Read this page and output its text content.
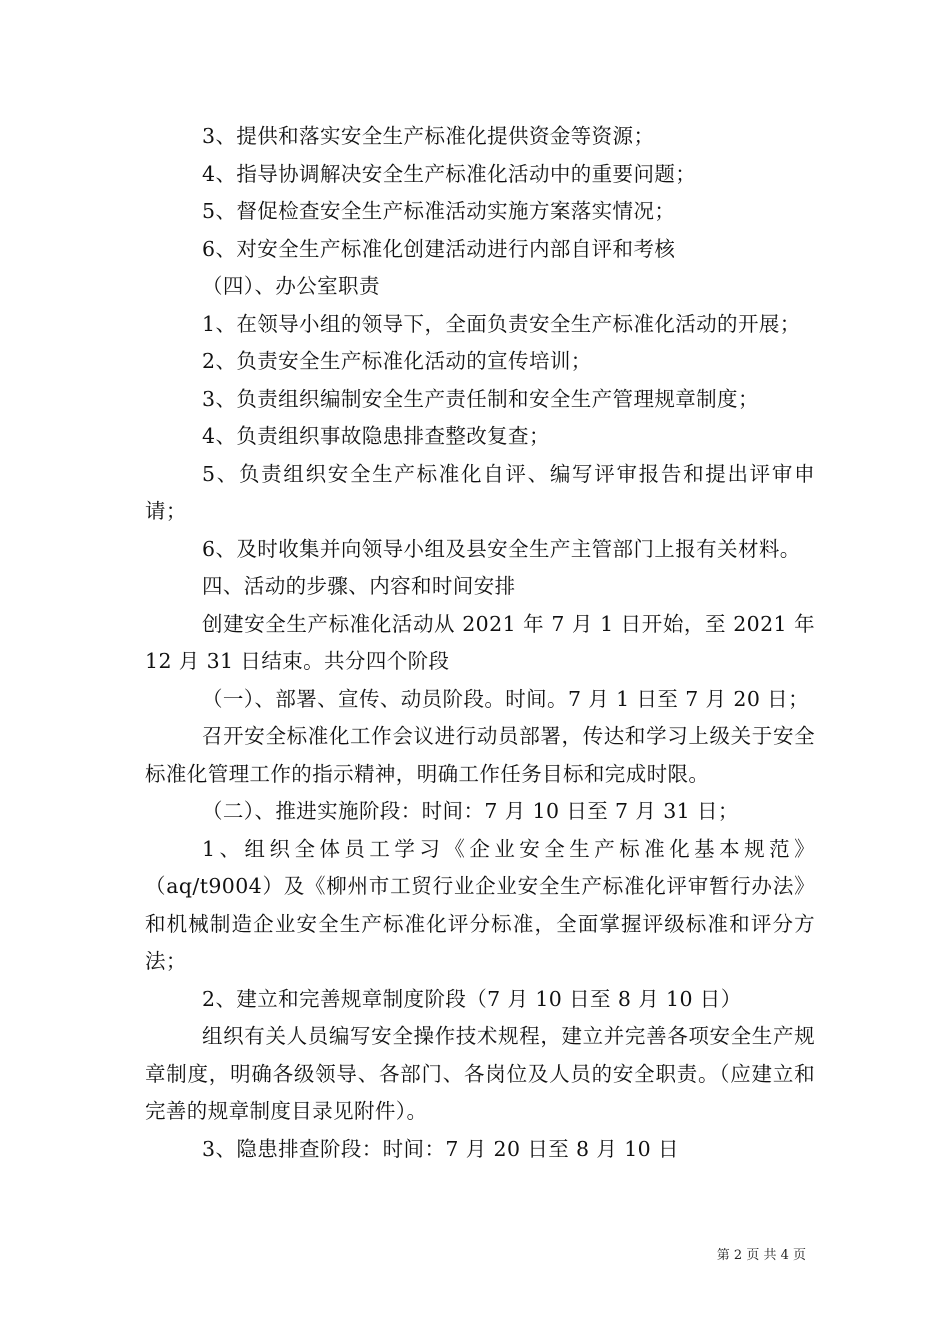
3、提供和落实安全生产标准化提供资金等资源；

4、指导协调解决安全生产标准化活动中的重要问题；

5、督促检查安全生产标准活动实施方案落实情况；

6、对安全生产标准化创建活动进行内部自评和考核

（四）、办公室职责

1、在领导小组的领导下，全面负责安全生产标准化活动的开展；

2、负责安全生产标准化活动的宣传培训；

3、负责组织编制安全生产责任制和安全生产管理规章制度；

4、负责组织事故隐患排查整改复查；

5、负责组织安全生产标准化自评、编写评审报告和提出评审申请；

6、及时收集并向领导小组及县安全生产主管部门上报有关材料。

四、活动的步骤、内容和时间安排

创建安全生产标准化活动从 2021 年 7 月 1 日开始，至 2021 年 12 月 31 日结束。共分四个阶段

（一）、部署、宣传、动员阶段。时间。7 月 1 日至 7 月 20 日；

召开安全标准化工作会议进行动员部署，传达和学习上级关于安全标准化管理工作的指示精神，明确工作任务目标和完成时限。

（二）、推进实施阶段：时间：7 月 10 日至 7 月 31 日；

1、组织全体员工学习《企业安全生产标准化基本规范》（aq/t9004）及《柳州市工贸行业企业安全生产标准化评审暂行办法》和机械制造企业安全生产标准化评分标准，全面掌握评级标准和评分方法；

2、建立和完善规章制度阶段（7 月 10 日至 8 月 10 日）

组织有关人员编写安全操作技术规程，建立并完善各项安全生产规章制度，明确各级领导、各部门、各岗位及人员的安全职责。（应建立和完善的规章制度目录见附件）。

3、隐患排查阶段：时间：7 月 20 日至 8 月 10 日

第 2 页 共 4 页
